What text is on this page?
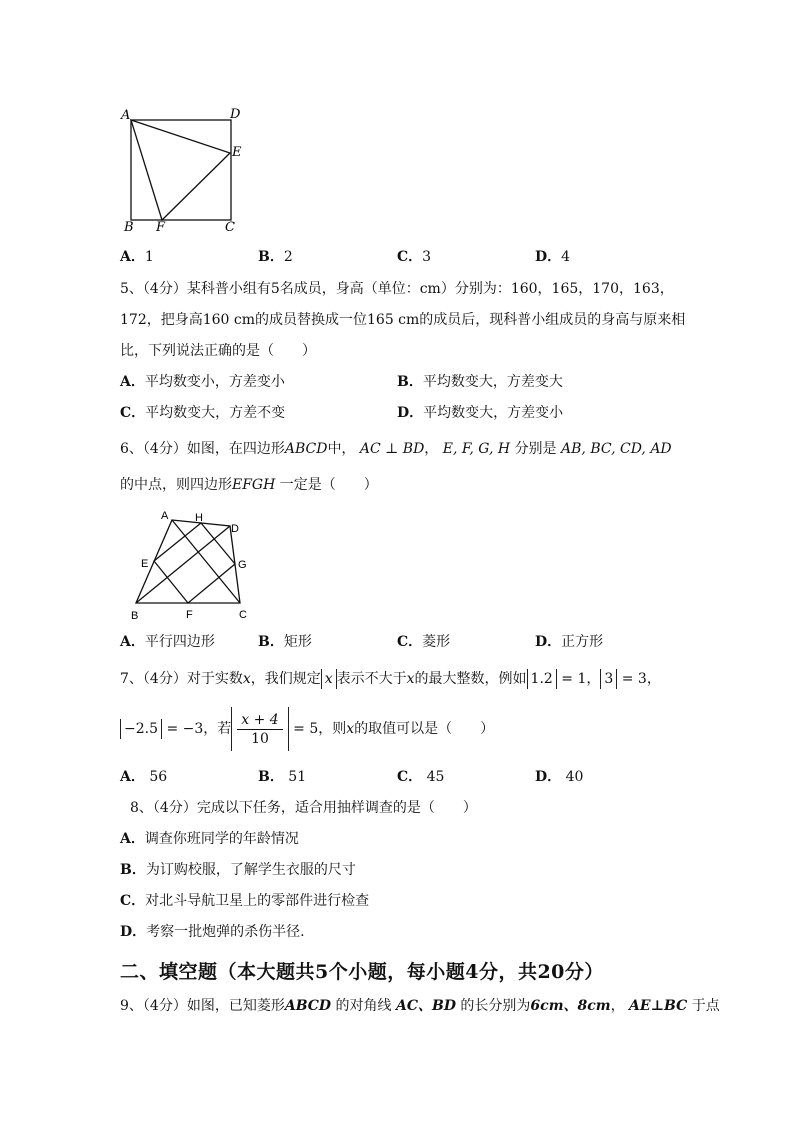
A	D
E
B F	C
A．1	B．2	C．3	D．4
5、（4分）某科普小组有5名成员，身高（单位：cm）分别为：160，165，170，163，
172，把身高160 cm的成员替换成一位165 cm的成员后，现科普小组成员的身高与原来相
比，下列说法正确的是（　　）
A．平均数变小，方差变小	B．平均数变大，方差变大
C．平均数变大，方差不变	D．平均数变大，方差变小
6、（4分）如图，在四边形ABCD中， AC ⊥ BD， E, F, G, H 分别是 AB, BC, CD, AD
的中点，则四边形EFGH 一定是（　　）
A H
D
E	G
B	F	C
A．平行四边形	B．矩形	C．菱形	D．正方形
7、（4分）对于实数x，我们规定 x 表示不大于x的最大整数，例如 1.2 = 1， 3 = 3，
−2.5 = −3，若 $\frac{x + 4}{10} = 5$，则x的取值可以是（　　）
A． 56	B． 51	C． 45	D． 40
8、（4分）完成以下任务，适合用抽样调查的是（　　）
A．调查你班同学的年龄情况
B．为订购校服，了解学生衣服的尺寸
C．对北斗导航卫星上的零部件进行检查
D．考察一批炮弹的杀伤半径.
二、填空题（本大题共5个小题，每小题4分，共20分）
9、（4分）如图，已知菱形ABCD 的对角线 AC、BD 的长分别为6cm、8cm， AE⊥BC 于点
